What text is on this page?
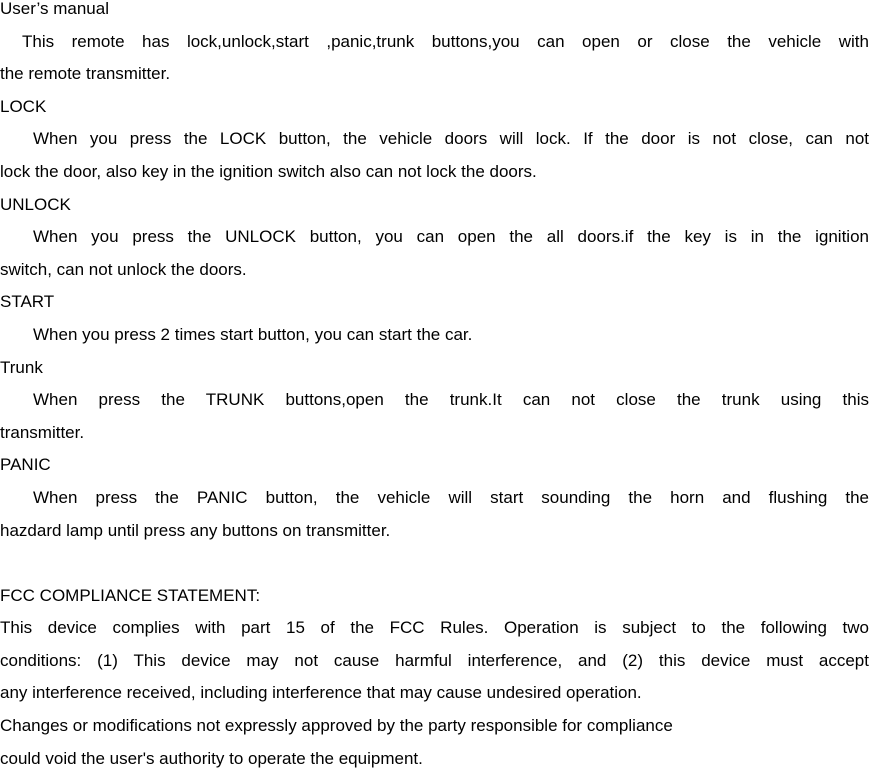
User’s manual
This remote has lock,unlock,start ,panic,trunk buttons,you can open or close the vehicle with
the remote transmitter.
LOCK
When you press the LOCK button, the vehicle doors will lock. If the door is not close, can not
lock the door, also key in the ignition switch also can not lock the doors.
UNLOCK
When you press the UNLOCK button, you can open the all doors.if the key is in the ignition
switch, can not unlock the doors.
START
When you press 2 times start button, you can start the car.
Trunk
When press the TRUNK buttons,open the trunk.It can not close the trunk using this
transmitter.
PANIC
When press the PANIC button, the vehicle will start sounding the horn and flushing the
hazdard lamp until press any buttons on transmitter.
FCC COMPLIANCE STATEMENT:
This device complies with part 15 of the FCC Rules. Operation is subject to the following two
conditions: (1) This device may not cause harmful interference, and (2) this device must accept
any interference received, including interference that may cause undesired operation.
Changes or modifications not expressly approved by the party responsible for compliance
could void the user's authority to operate the equipment.
